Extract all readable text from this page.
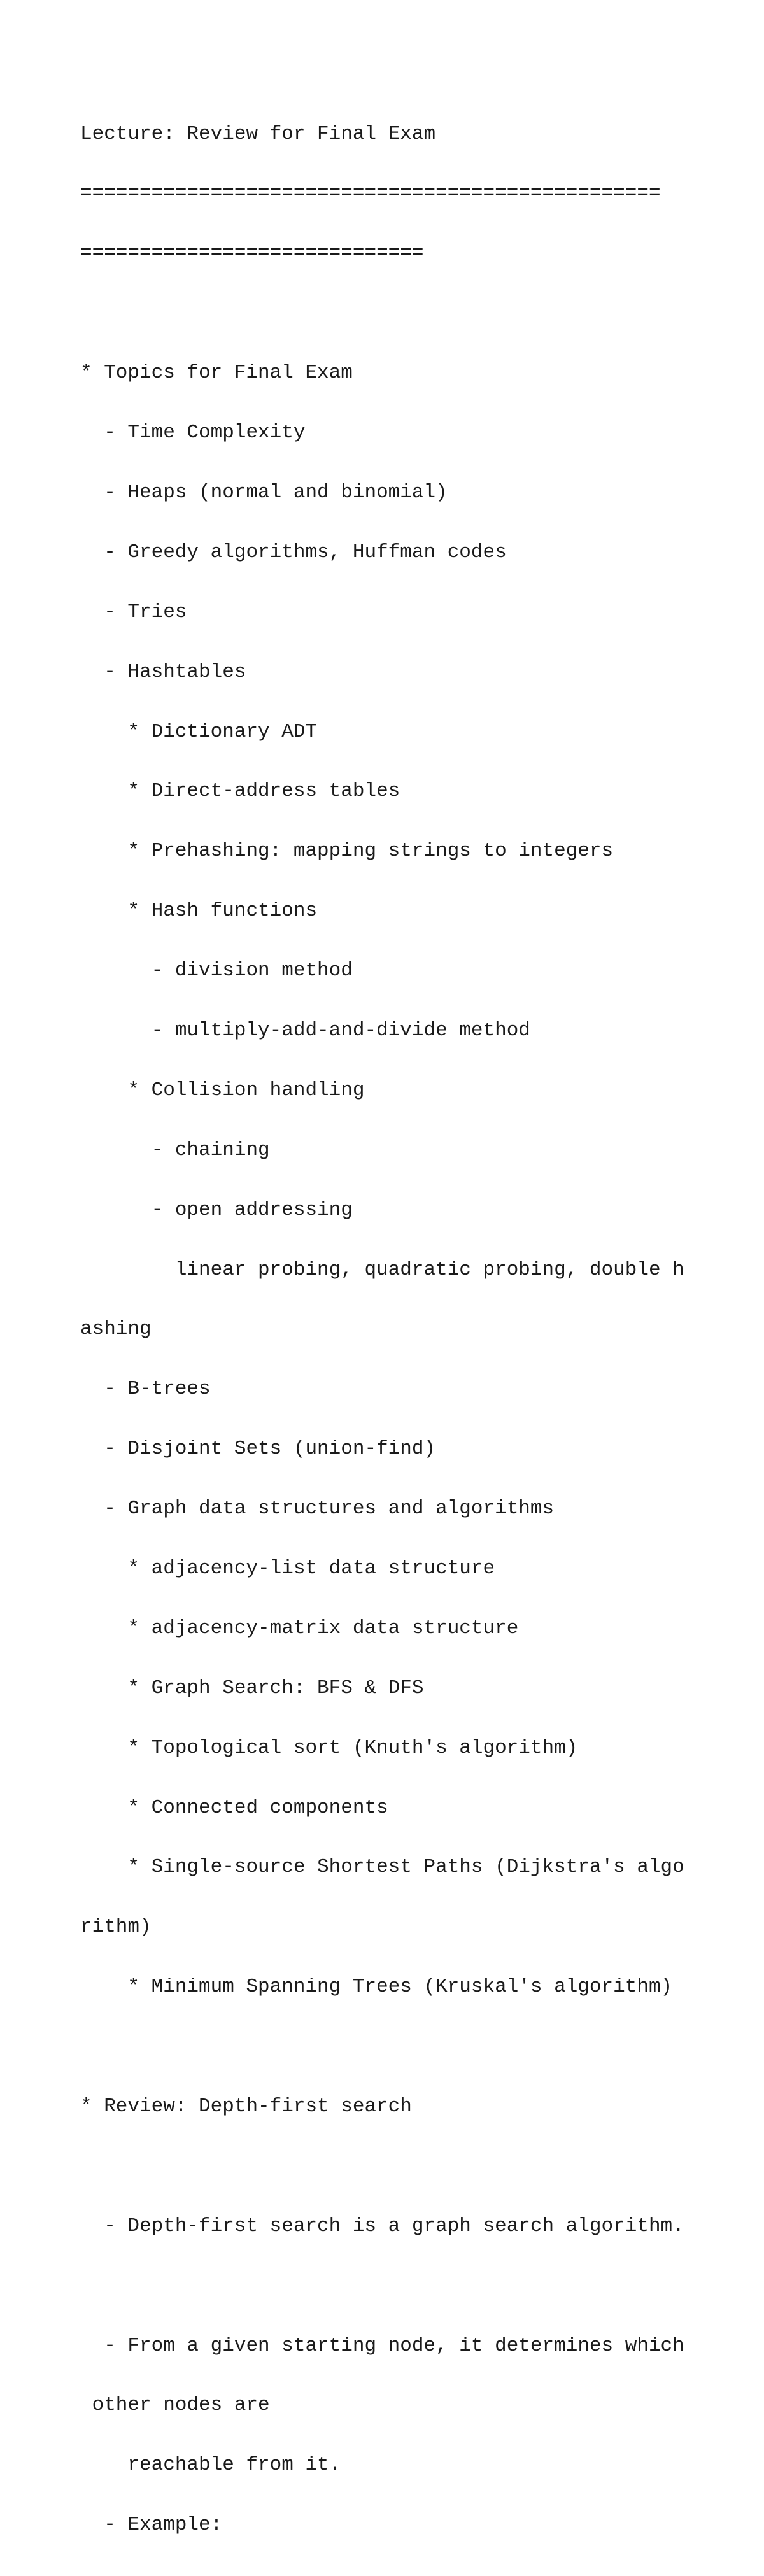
Lecture: Review for Final Exam

=================================================

=============================

* Topics for Final Exam

- Time Complexity

- Heaps (normal and binomial)

- Greedy algorithms, Huffman codes

- Tries

- Hashtables

* Dictionary ADT

* Direct-address tables

* Prehashing: mapping strings to integers

* Hash functions

- division method

- multiply-add-and-divide method

* Collision handling

- chaining

- open addressing

linear probing, quadratic probing, double h

ashing

- B-trees

- Disjoint Sets (union-find)

- Graph data structures and algorithms

* adjacency-list data structure

* adjacency-matrix data structure

* Graph Search: BFS & DFS

* Topological sort (Knuth's algorithm)

* Connected components

* Single-source Shortest Paths (Dijkstra's algo

rithm)

* Minimum Spanning Trees (Kruskal's algorithm)

* Review: Depth-first search

- Depth-first search is a graph search algorithm.

- From a given starting node, it determines which

other nodes are

reachable from it.

- Example:
